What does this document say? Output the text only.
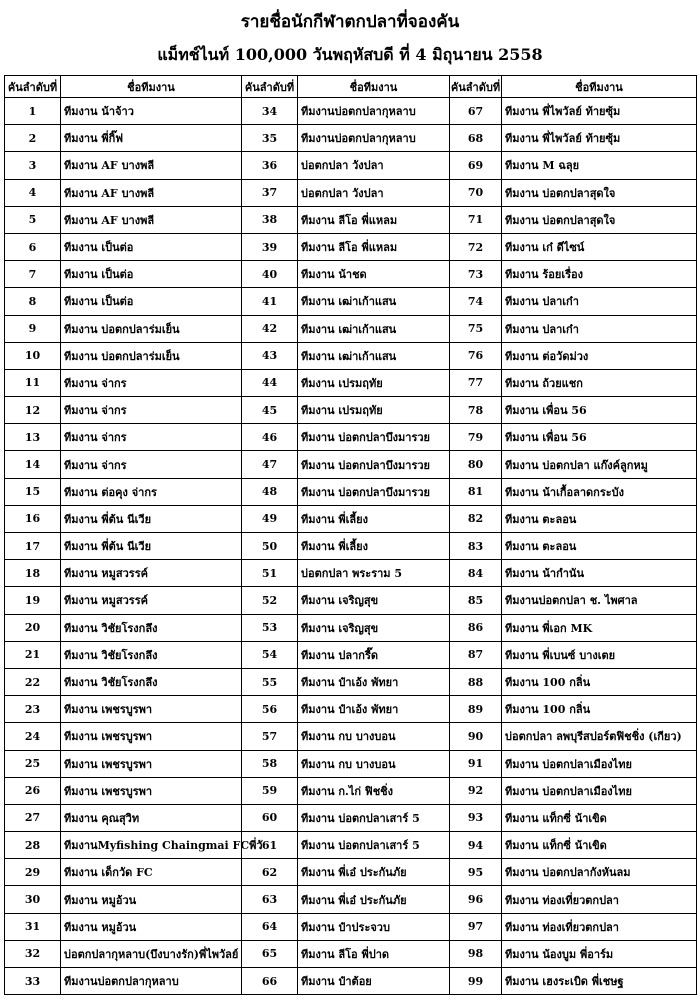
รายชื่อนักกีฬาตกปลาที่จองคัน
แม็ทช์ไนท์ 100,000 วันพฤหัสบดี ที่ 4 มิถุนายน 2558
คันลำดับที่	ชื่อทีมงาน	คันลำดับที่	ชื่อทีมงาน	คันลำดับที่	ชื่อทีมงาน
1	ทีมงาน น้าจ้าว	34	ทีมงานบ่อตกปลากุหลาบ	67	ทีมงาน พี่ไพวัลย์ ท้ายซุ้ม
2	ทีมงาน พี่กิ๊ฟ	35	ทีมงานบ่อตกปลากุหลาบ	68	ทีมงาน พี่ไพวัลย์ ท้ายซุ้ม
3	ทีมงาน AF บางพลี	36	บ่อตกปลา วังปลา	69	ทีมงาน M ฉลุย
4	ทีมงาน AF บางพลี	37	บ่อตกปลา วังปลา	70	ทีมงาน บ่อตกปลาสุดใจ
5	ทีมงาน AF บางพลี	38	ทีมงาน ลีโอ พี่แหลม	71	ทีมงาน บ่อตกปลาสุดใจ
6	ทีมงาน เป็นต่อ	39	ทีมงาน ลีโอ พี่แหลม	72	ทีมงาน เก๋ ดีไซน์
7	ทีมงาน เป็นต่อ	40	ทีมงาน น้าชด	73	ทีมงาน ร้อยเรื่อง
8	ทีมงาน เป็นต่อ	41	ทีมงาน เฒ่าเก้าแสน	74	ทีมงาน ปลาเก๋า
9	ทีมงาน บ่อตกปลาร่มเย็น	42	ทีมงาน เฒ่าเก้าแสน	75	ทีมงาน ปลาเก๋า
10	ทีมงาน บ่อตกปลาร่มเย็น	43	ทีมงาน เฒ่าเก้าแสน	76	ทีมงาน ต่อวัดม่วง
11	ทีมงาน จ่ากร	44	ทีมงาน เปรมฤทัย	77	ทีมงาน ถ้วยแชก
12	ทีมงาน จ่ากร	45	ทีมงาน เปรมฤทัย	78	ทีมงาน เพื่อน 56
13	ทีมงาน จ่ากร	46	ทีมงาน บ่อตกปลาบึงมารวย	79	ทีมงาน เพื่อน 56
14	ทีมงาน จ่ากร	47	ทีมงาน บ่อตกปลาบึงมารวย	80	ทีมงาน บ่อตกปลา แก๊งค์ลูกหมู
15	ทีมงาน ต่อคุง จ่ากร	48	ทีมงาน บ่อตกปลาบึงมารวย	81	ทีมงาน น้าเกื้อลาดกระบัง
16	ทีมงาน พี่ต้น นีเวีย	49	ทีมงาน พี่เลี้ยง	82	ทีมงาน ตะลอน
17	ทีมงาน พี่ต้น นีเวีย	50	ทีมงาน พี่เลี้ยง	83	ทีมงาน ตะลอน
18	ทีมงาน หมูสวรรค์	51	บ่อตกปลา พระราม 5	84	ทีมงาน น้ากำนัน
19	ทีมงาน หมูสวรรค์	52	ทีมงาน เจริญสุข	85	ทีมงานบ่อตกปลา ช. ไพศาล
20	ทีมงาน วิชัยโรงกลึง	53	ทีมงาน เจริญสุข	86	ทีมงาน พี่เอก MK
21	ทีมงาน วิชัยโรงกลึง	54	ทีมงาน ปลากรี๊ด	87	ทีมงาน พี่เบนซ์ บางเตย
22	ทีมงาน วิชัยโรงกลึง	55	ทีมงาน ป๋าเอ้ง พัทยา	88	ทีมงาน 100 กลิ่น
23	ทีมงาน เพชรบูรพา	56	ทีมงาน ป๋าเอ้ง พัทยา	89	ทีมงาน 100 กลิ่น
24	ทีมงาน เพชรบูรพา	57	ทีมงาน กบ บางบอน	90	บ่อตกปลา ลพบุรีสปอร์ตฟิชชิ่ง (เกียว)
25	ทีมงาน เพชรบูรพา	58	ทีมงาน กบ บางบอน	91	ทีมงาน บ่อตกปลาเมืองไทย
26	ทีมงาน เพชรบูรพา	59	ทีมงาน ก.ไก่ ฟิชชิ่ง	92	ทีมงาน บ่อตกปลาเมืองไทย
27	ทีมงาน คุณสุวิท	60	ทีมงาน บ่อตกปลาเสาร์ 5	93	ทีมงาน แท็กซี่ น้าเขิด
28	ทีมงานMyfishing Chaingmai FCพี่วั	61	ทีมงาน บ่อตกปลาเสาร์ 5	94	ทีมงาน แท็กซี่ น้าเขิด
29	ทีมงาน เด็กวัด FC	62	ทีมงาน พี่เอ๋ ประกันภัย	95	ทีมงาน บ่อตกปลากังหันลม
30	ทีมงาน หมูอ้วน	63	ทีมงาน พี่เอ๋ ประกันภัย	96	ทีมงาน ท่องเที่ยวตกปลา
31	ทีมงาน หมูอ้วน	64	ทีมงาน ป๋าประจวบ	97	ทีมงาน ท่องเที่ยวตกปลา
32	บ่อตกปลากุหลาบ(บึงบางรัก)พี่ไพวัลย์	65	ทีมงาน ลีโอ พี่ปาด	98	ทีมงาน น้องบูม พี่อาร์ม
33	ทีมงานบ่อตกปลากุหลาบ	66	ทีมงาน ป๋าต้อย	99	ทีมงาน เฮงระเบิด พี่เชษฐ
